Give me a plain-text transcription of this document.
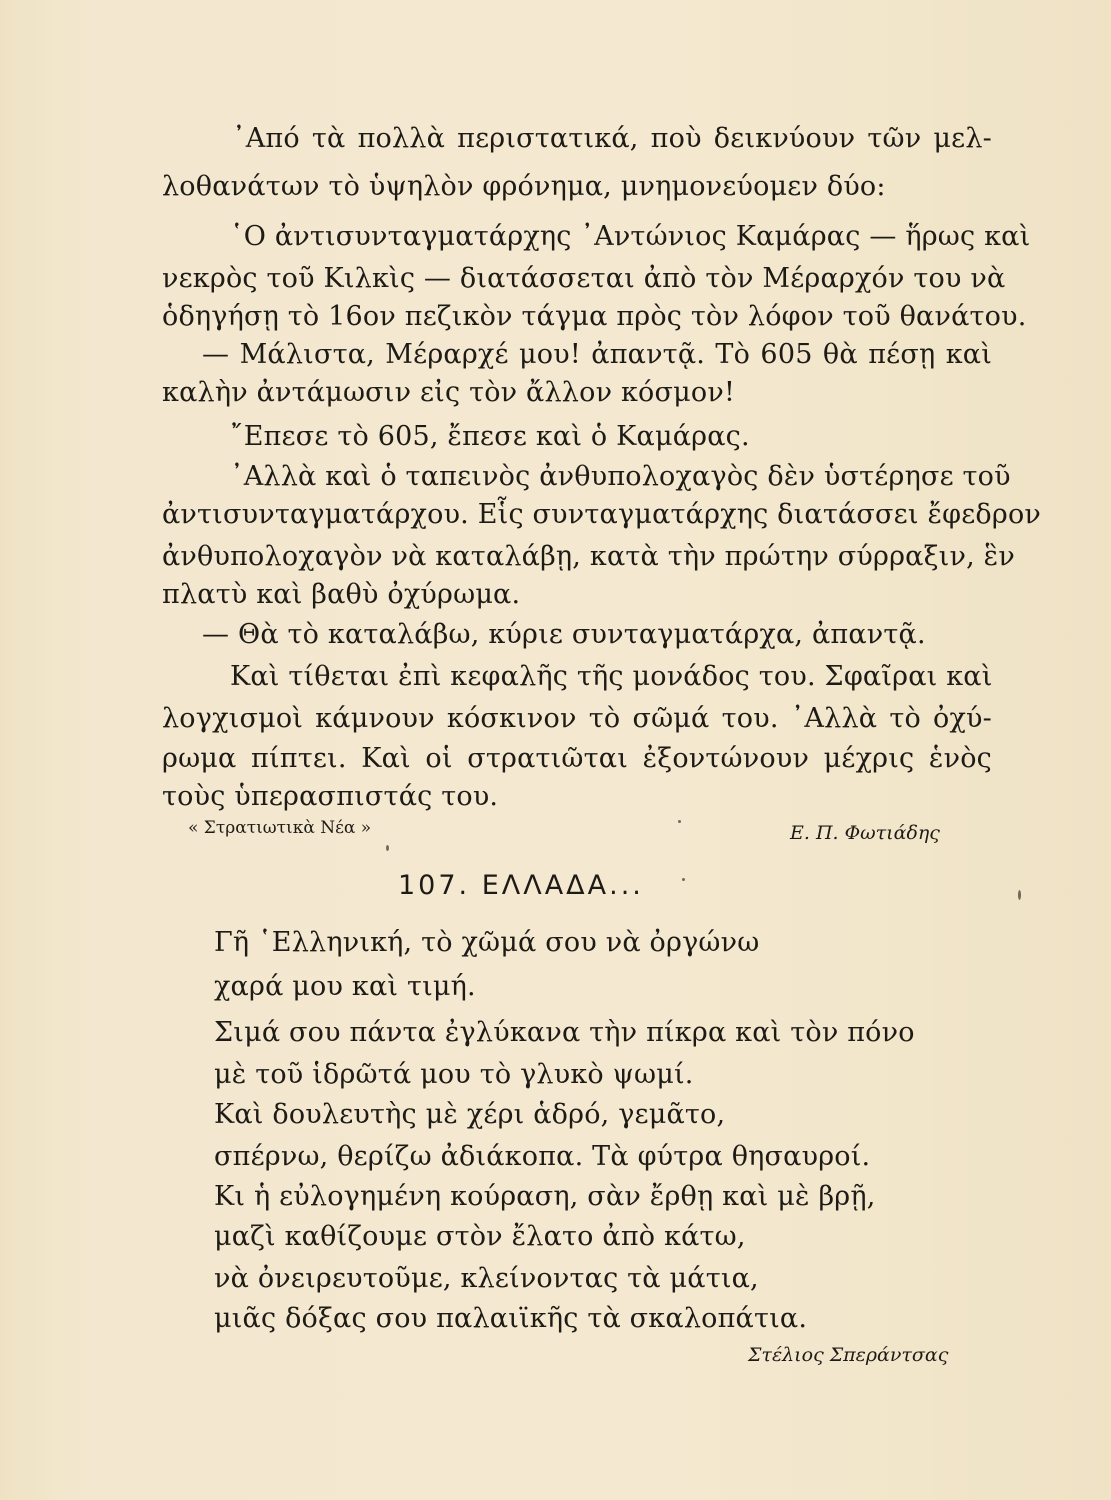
᾿Από τὰ πολλὰ περιστατικά, ποὺ δεικνύουν τῶν μελ-
λοθανάτων τὸ ὑψηλὸν φρόνημα, μνημονεύομεν δύο:
῾Ο ἀντισυνταγματάρχης ᾿Αντώνιος Καμάρας — ἥρως καὶ
νεκρὸς τοῦ Κιλκὶς — διατάσσεται ἀπὸ τὸν Μέραρχόν του νὰ
ὁδηγήσῃ τὸ 16ον πεζικὸν τάγμα πρὸς τὸν λόφον τοῦ θανάτου.
— Μάλιστα, Μέραρχέ μου! ἀπαντᾷ. Τὸ 605 θὰ πέσῃ καὶ
καλὴν ἀντάμωσιν εἰς τὸν ἄλλον κόσμον!
῎Επεσε τὸ 605, ἔπεσε καὶ ὁ Καμάρας.
᾿Αλλὰ καὶ ὁ ταπεινὸς ἀνθυπολοχαγὸς δὲν ὑστέρησε τοῦ
ἀντισυνταγματάρχου. Εἷς συνταγματάρχης διατάσσει ἔφεδρον
ἀνθυπολοχαγὸν νὰ καταλάβῃ, κατὰ τὴν πρώτην σύρραξιν, ἓν
πλατὺ καὶ βαθὺ ὀχύρωμα.
— Θὰ τὸ καταλάβω, κύριε συνταγματάρχα, ἀπαντᾷ.
Καὶ τίθεται ἐπὶ κεφαλῆς τῆς μονάδος του. Σφαῖραι καὶ
λογχισμοὶ κάμνουν κόσκινον τὸ σῶμά του. ᾿Αλλὰ τὸ ὀχύ-
ρωμα πίπτει. Καὶ οἱ στρατιῶται ἐξοντώνουν μέχρις ἑνὸς
τοὺς ὑπερασπιστάς του.
« Στρατιωτικὰ Νέα »	Ε. Π. Φωτιάδης
107. ΕΛΛΑΔΑ...
Γῆ ῾Ελληνική, τὸ χῶμά σου νὰ ὀργώνω
χαρά μου καὶ τιμή.
Σιμά σου πάντα ἐγλύκανα τὴν πίκρα καὶ τὸν πόνο
μὲ τοῦ ἱδρῶτά μου τὸ γλυκὸ ψωμί.
Καὶ δουλευτὴς μὲ χέρι ἁδρό, γεμᾶτο,
σπέρνω, θερίζω ἀδιάκοπα. Τὰ φύτρα θησαυροί.
Κι ἡ εὐλογημένη κούραση, σὰν ἔρθῃ καὶ μὲ βρῇ,
μαζὶ καθίζουμε στὸν ἔλατο ἀπὸ κάτω,
νὰ ὀνειρευτοῦμε, κλείνοντας τὰ μάτια,
μιᾶς δόξας σου παλαιϊκῆς τὰ σκαλοπάτια.
Στέλιος Σπεράντσας
